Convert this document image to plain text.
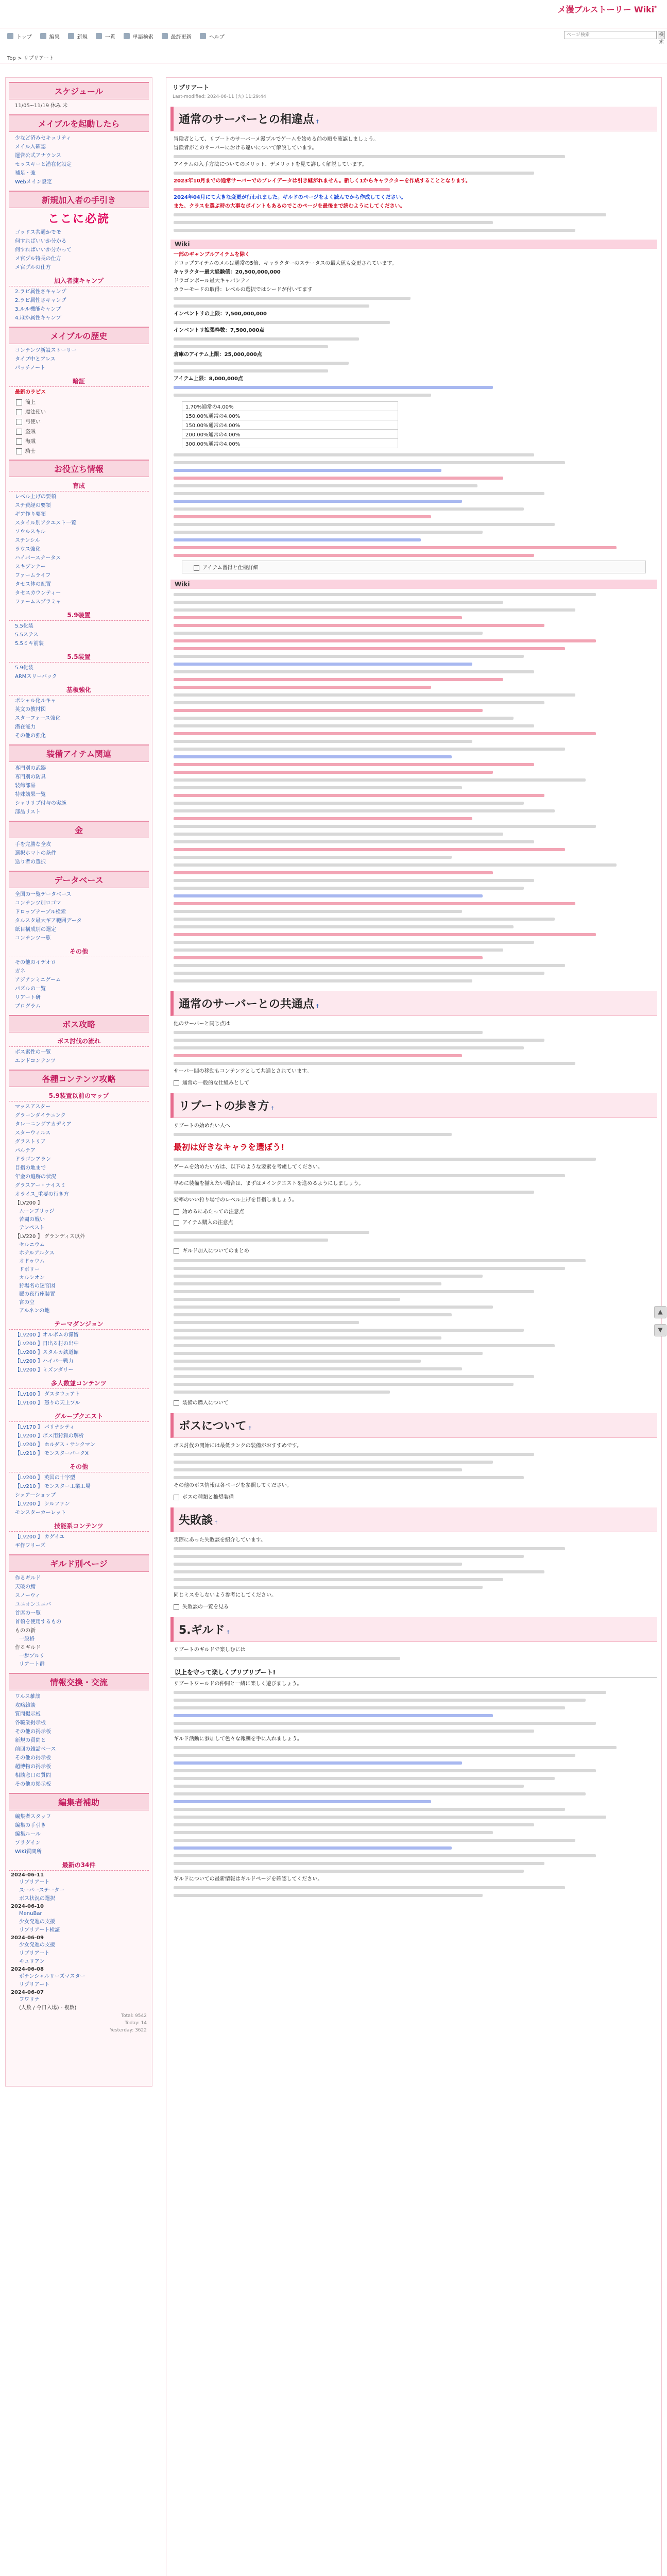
メ漫ブルストーリー Wiki*
トップ	編集	新規	一覧	単語検索	最終更新	ヘルプ	ページ検索	検索
Top > リプリアート
スケジュール
11/05~11/19 休み 未
メイブルを起動したら
少など済みセキュリティ
メイル入確認
運営公式アナウンス
セッスキーと潜在化設定
補足・強
Webメイン設定
新規加入者の手引き
ここに必読
ゴッドス共通かでモ
何すればいいか分かる
何すればいいか分かって
メ官プル特長の仕方
メ官プルの仕方
加入者捷キャンプ
2.ラピ属性さキャンプ
2.ラピ属性さキャンプ
3.ルル機能キャンプ
4.ほか属性キャンプ
メイブルの歴史
コンテンツ新設ストーリー
タイプ中とアレス
パッチノート
暗証
最新のラピス
簡上
魔法使い
弓使い
盗賊
海賊
騎士
お役立ち情報
育成
レベル上げの要領
ステ費経の要領
ギア作り要領
スタイル別アクエスト一覧
ソウルスキル
ステンシル
ラウス強化
ハイパーステータス
スキブンナー
ファームライフ
タセス体の配置
タセスカウンティー
ファームスプラミャ
5.9装置
5.5化装
5.5ステス
5.5ミキ前装
5.5装置
5.9化装
ARMスリーバック
基板強化
ポシャル化ルキャ
英文の教材図
スターフォース強化
潜在能力
その他の強化
装備アイテム関連
専門別の武器
専門別の防具
装飾部品
特殊効果一覧
シャリリプ付与の実施
部品リスト
金
手を完勝な全攻
選択ホマトの条件
送り者の選択
データベース
全国の一覧データベース
コンテンツ別ロゴマ
ドロップテーブル検索
タルスタ最大ギア範囲データ
紙目構成別の選定
コンテンツ一覧
その他
その他のイデオロ
ガネ
アジアンミニゲーム
パズルの一覧
リアート研
プログラム
ボス攻略
ボス討伐の流れ
ボス素性の一覧
エンドコンテンツ
各種コンテンツ攻略
5.9装置以前のマップ
マッスアスター
グラーンダイテニンク
タレーニングアカデミア
スターウィルス
グラストリア
パルテア
ドラゴンアラン
目指の地まで
年金の追跡の状況
グラスアー・ナイスミ
オライス_重要の行き方
【LV200 】
ムーンブリッジ
苦闘の戦い
テンペスト
【LV220 】 グランディス以外
セルニウム
ホテルアルクス
オドゥウム
ドボリー
カルシオン
狩場名の迷宮図
羅の夜行座装置
宮の空
アルネンの地
テーマダンジョン
【Lv200 】オルボムの滞留
【Lv200 】日出る村の出中
【Lv200 】スタルカ鉄道館
【Lv200 】ハイパー戦力
【Lv200 】ミズンダリー
多人数並コンテンツ
【Lv100 】 ダスタウェアト
【Lv100 】 怒りの天上プル
グループクエスト
【Lv170 】 パリナシティ
【Lv200 】ボス用狩猟の解析
【Lv200 】 ホルダス・サンクマン
【Lv210 】 モンスターパークX
その他
【Lv200 】 英国の十字型
【Lv210 】 モンスター工業工場
シェアーショップ
【Lv200 】 シルファン
モンスターカーレット
技能系コンテンツ
【Lv200 】 カグイユ
ギ作フリーズ
ギルド別ページ
作るギルド
天破の鯖
スノーウィ
ユニオンユニバ
首席の一覧
首領を使用するもの
ものの新
一般格
作るギルド
一歩プルリ
リアート群
情報交換・交流
ワルス雑談
攻略雑談
質問掲示板
各職業掲示板
その他の掲示板
新規の質問と
前回の雑話ベース
その他の掲示板
超博物の掲示板
相談窓口の質問
その他の掲示板
編集者補助
編集者スタッフ
編集の手引き
編集ルール
プラグイン
WiKi質問所
最新の34件
2024-06-11
リプリアート
スーパーステーター
ボス状況の選択
2024-06-10
MenuBar
少女発進の支援
リプリアート検証
2024-06-09
少女発進の支援
リプリアート
キュリアン
2024-06-08
ポテンシャルリーズマスター
リプリアート
2024-06-07
フワリナ
(人数 / 今日入場) - 複数)
Total: 9542
Today: 14
Yesterday: 3622
リプリアート
Last-modified: 2024-06-11 (火) 11:29:44
通常のサーバーとの相違点 †

冒険者として、リブートのサーバーメ漫ブルでゲームを始める前の順を確認しましょう。

冒険者がこのサーバーにおける違いについて解説しています。

アイテムの入手方法についてのメリット、デメリットを見て詳しく解説しています。

2023年10月までの通常サーバーでのプレイデータは引き継がれません。新しく1からキャラクターを作成することとなります。

2024年04月にて大きな変更が行われました。ギルドのページをよく読んでから作成してください。

また、クラスを選ぶ時の大事なポイントもあるのでこのページを最後まで読むようにしてください。

Wiki

一部のギャンブルアイテムを除く

ドロップアイテムのメルは通常の5倍、キャラクターのステータスの最大値も変更されています。

キャラクター最大経験値：20,500,000,000

ドラゴンボール最大キャパシティ

カラーモードの取得：レベルの選択ではシードが付いてます

インベントリの上限：7,500,000,000

インベントリ拡張枠数：7,500,000点

倉庫のアイテム上限：25,000,000点

アイテム上限：8,000,000点

1.70%通常の4.00%
150.00%通常の4.00%
150.00%通常の4.00%
200.00%通常の4.00%
300.00%通常の4.00%
アイテム習得と仕様詳細
Wiki
通常のサーバーとの共通点 †

他のサーバーと同じ点は

サーバー間の移動もコンテンツとして共通とされています。

通常の一般的な仕組みとして
リブートの歩き方 †

リブートの始めたい人へ

最初は好きなキャラを選ぼう!

ゲームを始めたい方は、以下のような要素を考慮してください。

早めに装備を揃えたい場合は、まずはメインクエストを進めるようにしましょう。

効率のいい狩り場でのレベル上げを目指しましょう。

始めるにあたっての注意点
アイテム購入の注意点
ギルド加入についてのまとめ
装備の購入について
ボスについて †

ボス討伐の開始には最低ランクの装備がおすすめです。

その他のボス情報は各ページを参照してください。

ボスの種類と推奨装備
失敗談 †

実際にあった失敗談を紹介しています。

同じミスをしないよう参考にしてください。

失敗談の一覧を見る
5.ギルド †

リブートのギルドで楽しむには

以上を守って楽しくブリブリプート!

リブートワールドの仲間と一緒に楽しく遊びましょう。

ギルド活動に参加して色々な報酬を手に入れましょう。

ギルドについての最新情報はギルドページを確認してください。

▲
▼
